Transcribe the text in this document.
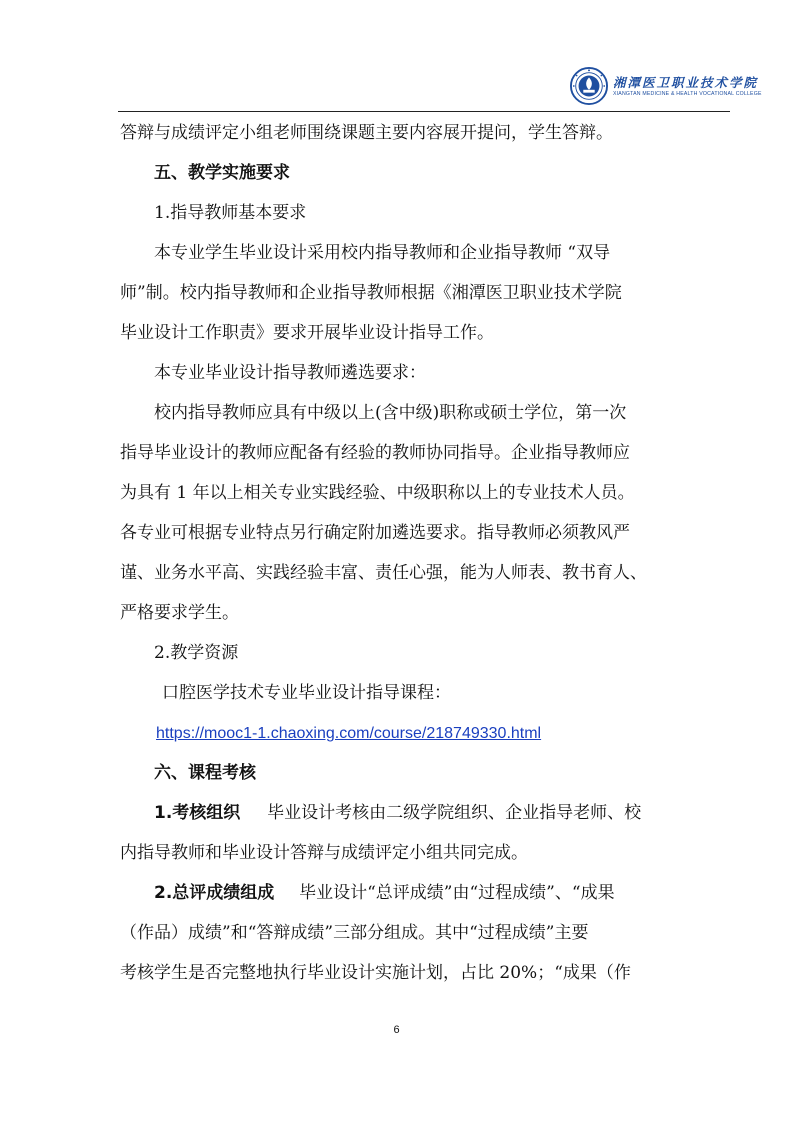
湘潭医卫职业技术学院
XIANGTAN MEDICINE & HEALTH VOCATIONAL COLLEGE
答辩与成绩评定小组老师围绕课题主要内容展开提问，学生答辩。
五、教学实施要求
1.指导教师基本要求
本专业学生毕业设计采用校内指导教师和企业指导教师 “双导
师”制。校内指导教师和企业指导教师根据《湘潭医卫职业技术学院
毕业设计工作职责》要求开展毕业设计指导工作。
本专业毕业设计指导教师遴选要求：
校内指导教师应具有中级以上(含中级)职称或硕士学位，第一次
指导毕业设计的教师应配备有经验的教师协同指导。企业指导教师应
为具有 1 年以上相关专业实践经验、中级职称以上的专业技术人员。
各专业可根据专业特点另行确定附加遴选要求。指导教师必须教风严
谨、业务水平高、实践经验丰富、责任心强，能为人师表、教书育人、
严格要求学生。
2.教学资源
口腔医学技术专业毕业设计指导课程：
https://mooc1-1.chaoxing.com/course/218749330.html
六、课程考核
1.考核组织 毕业设计考核由二级学院组织、企业指导老师、校
内指导教师和毕业设计答辩与成绩评定小组共同完成。
2.总评成绩组成 毕业设计“总评成绩”由“过程成绩”、“成果
（作品）成绩”和“答辩成绩”三部分组成。其中“过程成绩”主要
考核学生是否完整地执行毕业设计实施计划，占比 20%；“成果（作
6
